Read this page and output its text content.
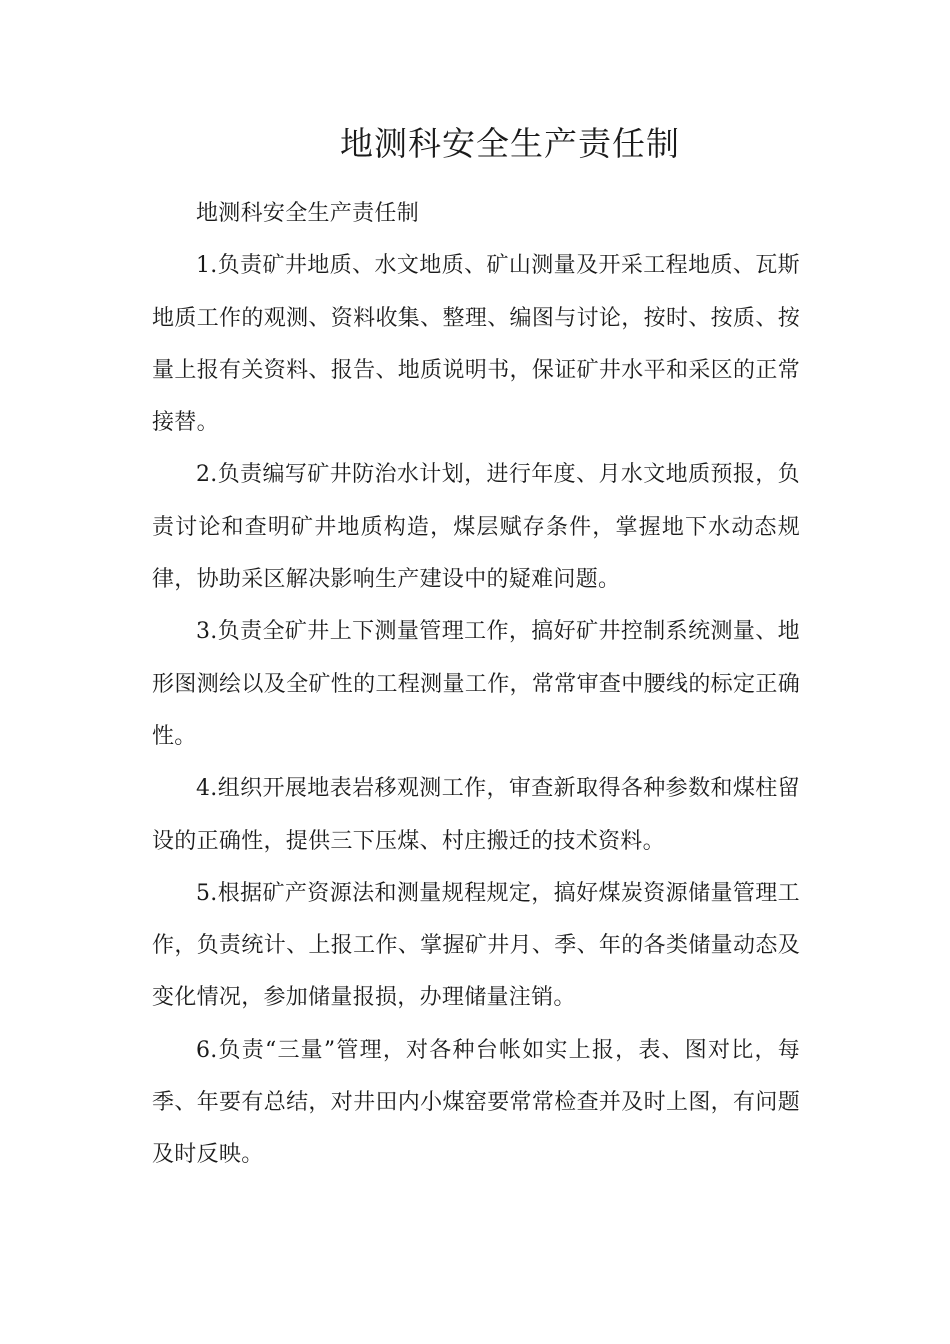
地测科安全生产责任制

地测科安全生产责任制

1.负责矿井地质、水文地质、矿山测量及开采工程地质、瓦斯地质工作的观测、资料收集、整理、编图与讨论，按时、按质、按量上报有关资料、报告、地质说明书，保证矿井水平和采区的正常接替。

2.负责编写矿井防治水计划，进行年度、月水文地质预报，负责讨论和查明矿井地质构造，煤层赋存条件，掌握地下水动态规律，协助采区解决影响生产建设中的疑难问题。

3.负责全矿井上下测量管理工作，搞好矿井控制系统测量、地形图测绘以及全矿性的工程测量工作，常常审查中腰线的标定正确性。

4.组织开展地表岩移观测工作，审查新取得各种参数和煤柱留设的正确性，提供三下压煤、村庄搬迁的技术资料。

5.根据矿产资源法和测量规程规定，搞好煤炭资源储量管理工作，负责统计、上报工作、掌握矿井月、季、年的各类储量动态及变化情况，参加储量报损，办理储量注销。

6.负责“三量”管理，对各种台帐如实上报，表、图对比，每季、年要有总结，对井田内小煤窑要常常检查并及时上图，有问题及时反映。
